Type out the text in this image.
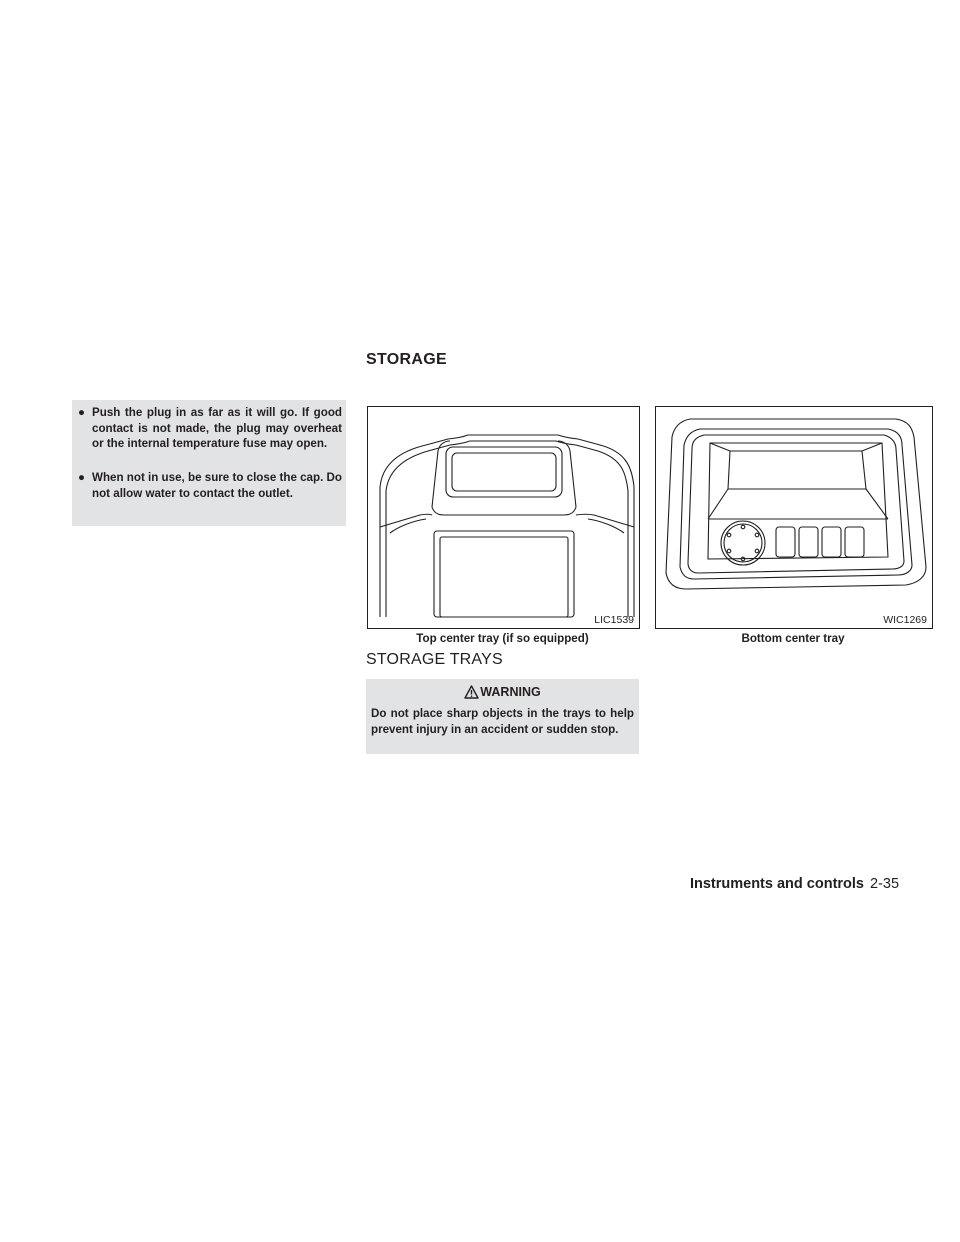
● Push the plug in as far as it will go. If good contact is not made, the plug may overheat or the internal temperature fuse may open.
● When not in use, be sure to close the cap. Do not allow water to contact the outlet.
STORAGE
LIC1539
Top center tray (if so equipped)
WIC1269
Bottom center tray
STORAGE TRAYS
WARNING
Do not place sharp objects in the trays to help prevent injury in an accident or sudden stop.
Instruments and controls 2-35
